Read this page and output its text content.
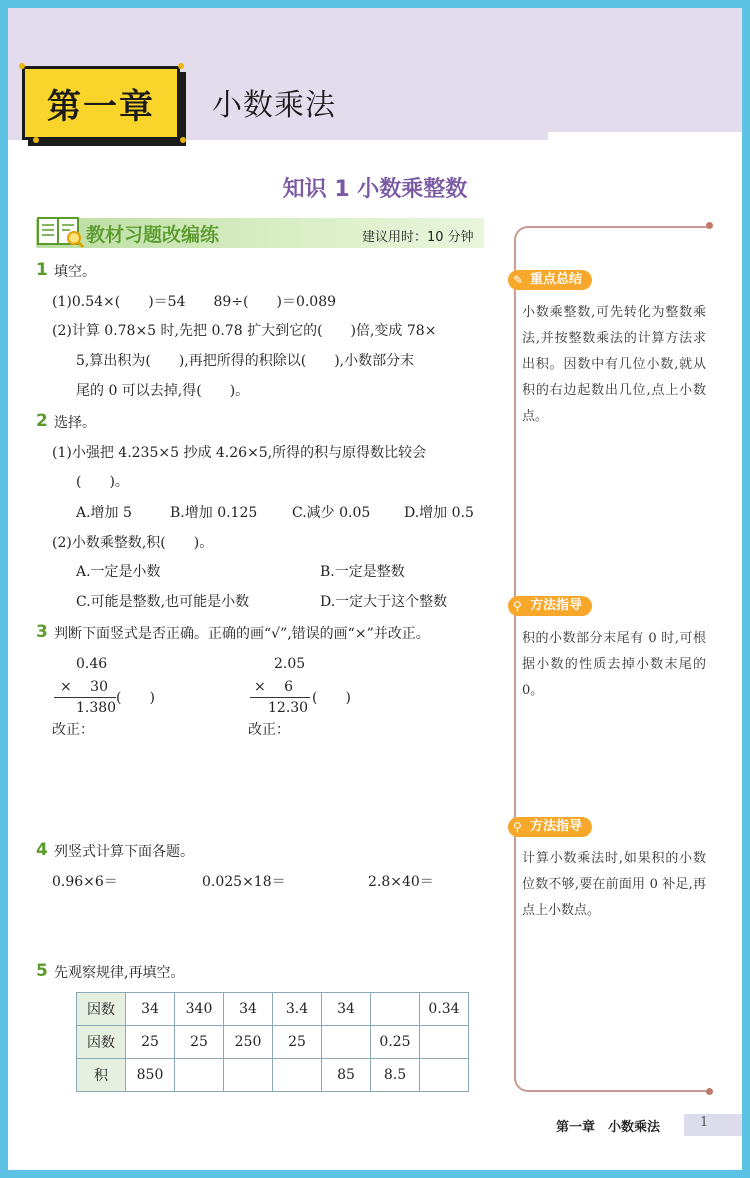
第一章 小数乘法
知识 1 小数乘整数
教材习题改编练	建议用时：10 分钟
1 填空。
(1)0.54×(　　)＝54　　89÷(　　)＝0.089
(2)计算 0.78×5 时,先把 0.78 扩大到它的(　　)倍,变成 78×
5,算出积为(　　),再把所得的积除以(　　),小数部分末
尾的 0 可以去掉,得(　　)。
2 选择。
(1)小强把 4.235×5 抄成 4.26×5,所得的积与原得数比较会
(　　)。
A.增加 5	B.增加 0.125 C.减少 0.05 D.增加 0.5
(2)小数乘整数,积(　　)。
A.一定是小数	B.一定是整数
C.可能是整数,也可能是小数	D.一定大于这个整数
3 判断下面竖式是否正确。正确的画“√”,错误的画“×”并改正。
0.46
×　 30
1.380
(　　)
改正：
2.05
×　 6
12.30
(　　)
改正：
4 列竖式计算下面各题。
0.96×6＝	0.025×18＝	2.8×40＝
5 先观察规律,再填空。
因数	34	340	34	3.4	34		0.34
因数	25	25	250	25		0.25	
积	850				85	8.5	
✎ 重点总结
小数乘整数,可先转化为整数乘法,并按整数乘法的计算方法求出积。因数中有几位小数,就从积的右边起数出几位,点上小数点。
⚲ 方法指导
积的小数部分末尾有 0 时,可根据小数的性质去掉小数末尾的 0。
⚲ 方法指导
计算小数乘法时,如果积的小数位数不够,要在前面用 0 补足,再点上小数点。
第一章　小数乘法	1
